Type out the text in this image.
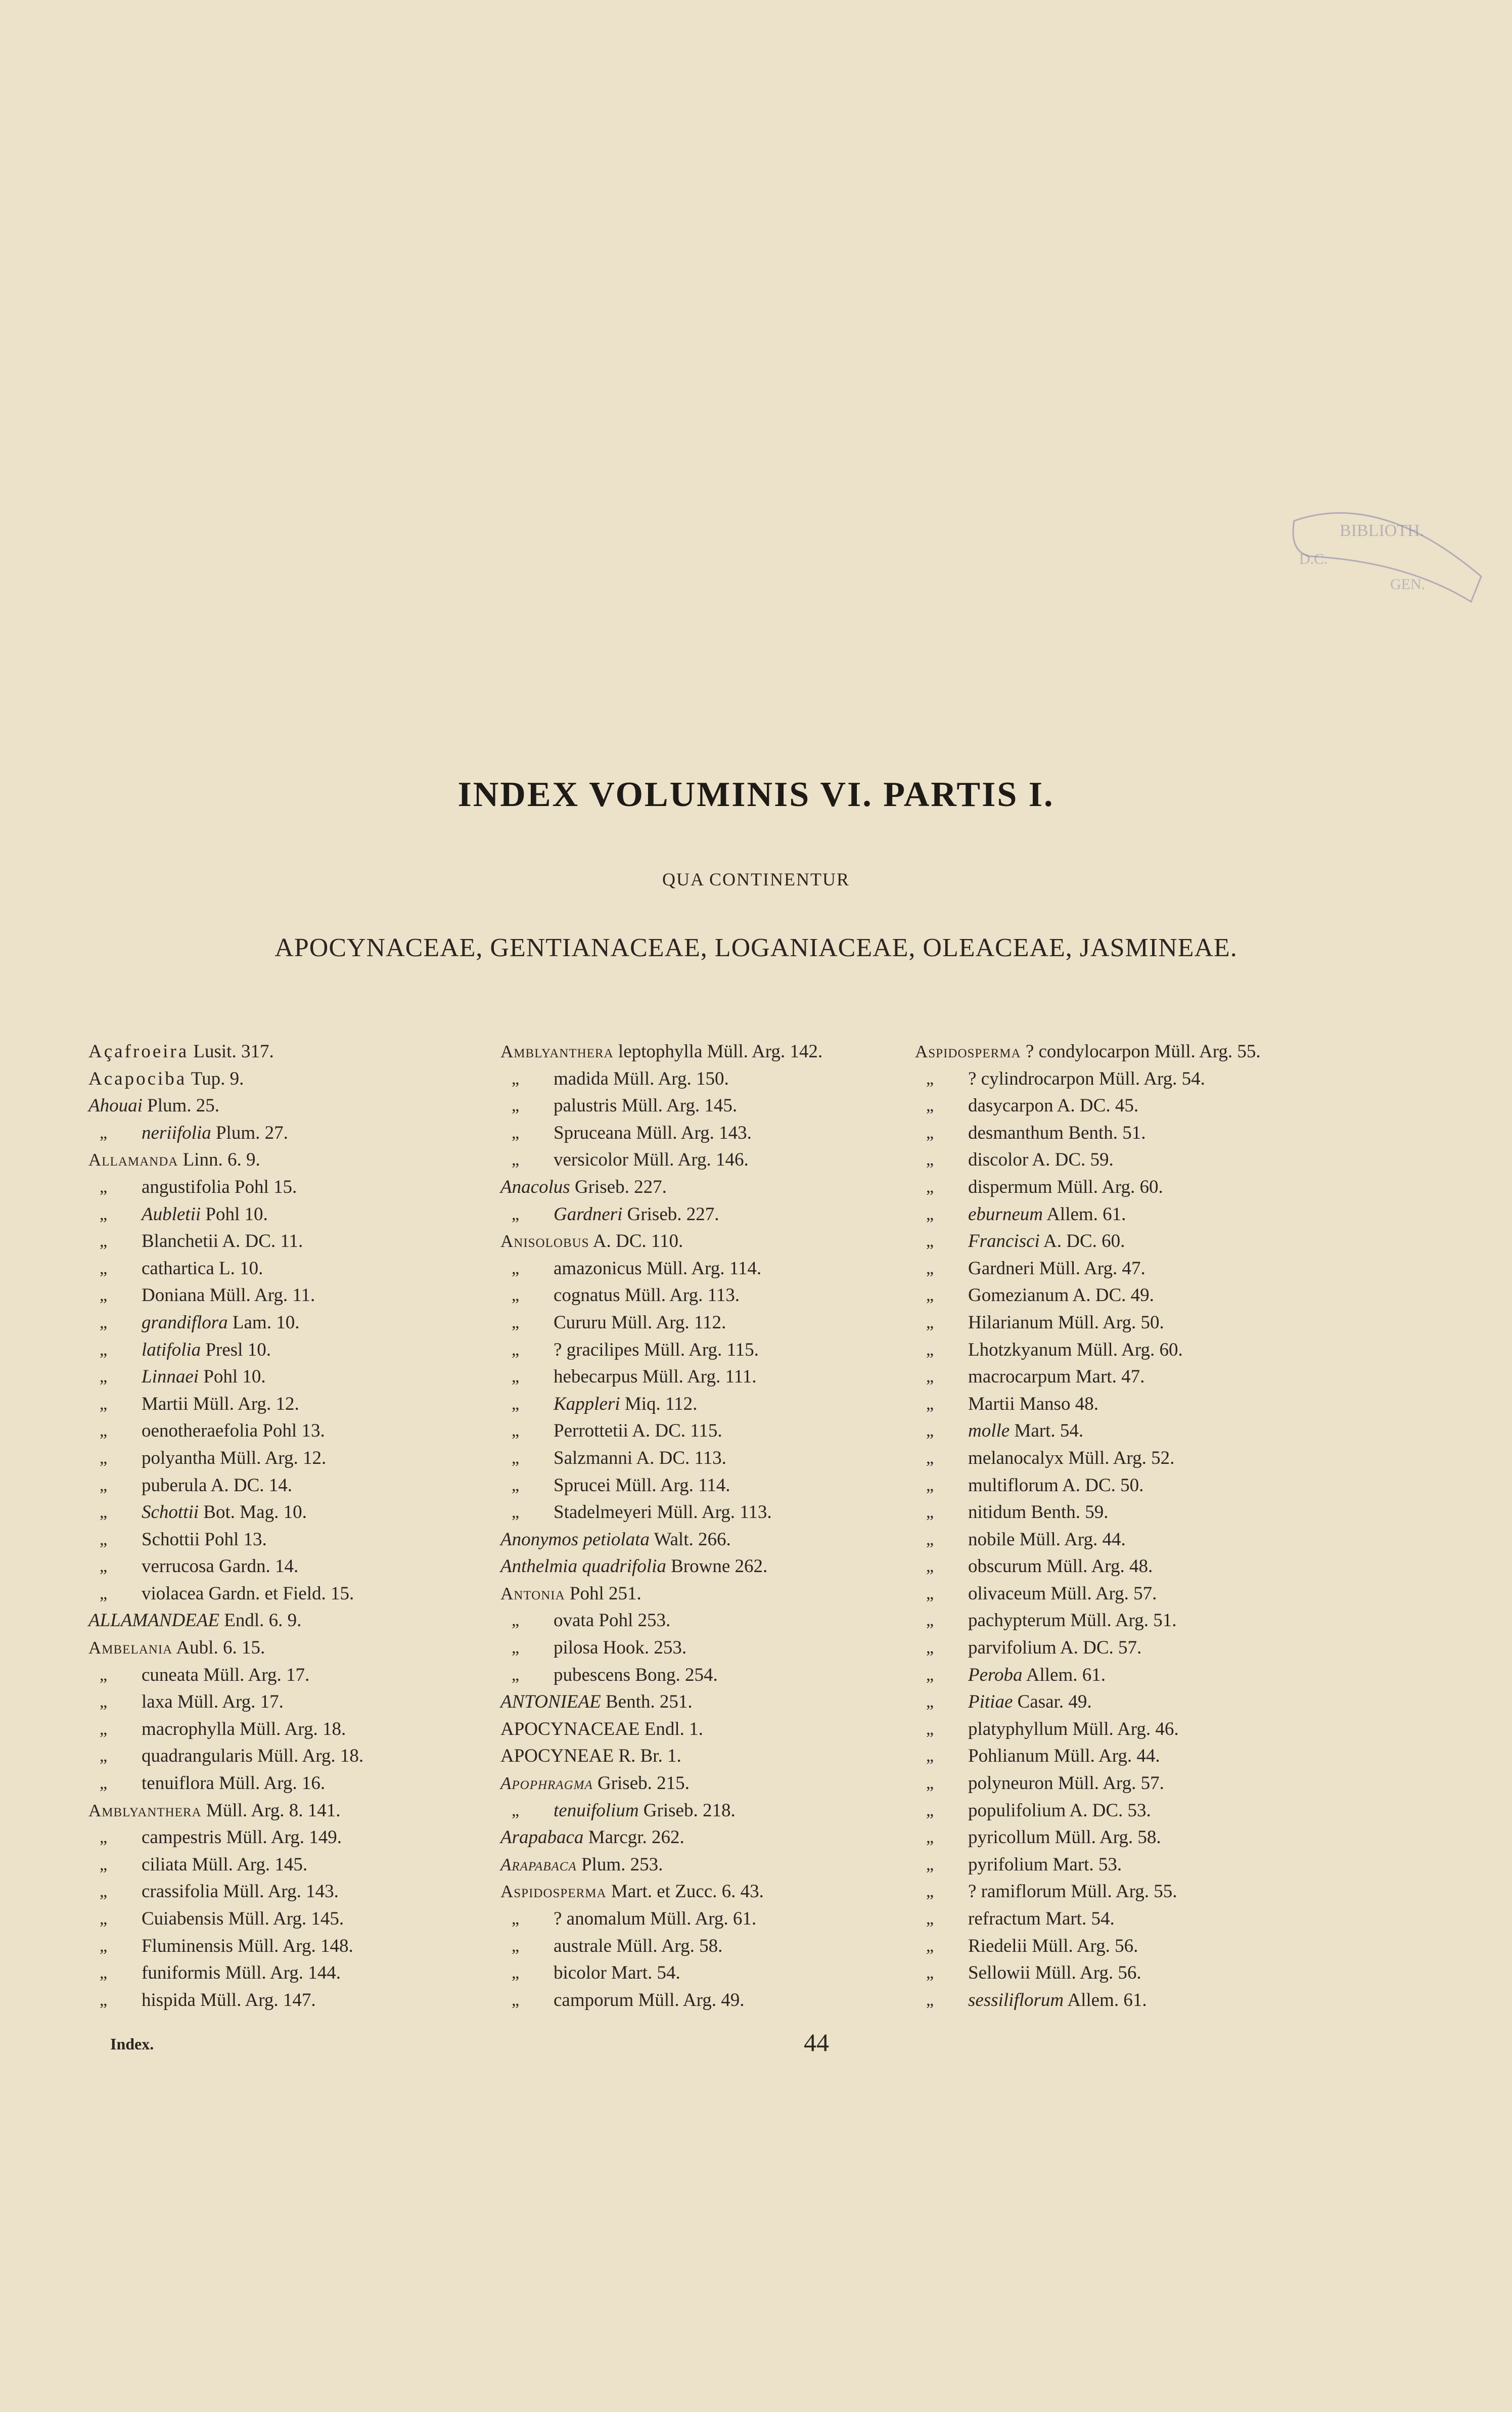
BIBLIOTH.
D.C.
GEN.
INDEX VOLUMINIS VI. PARTIS I.
QUA CONTINENTUR
APOCYNACEAE, GENTIANACEAE, LOGANIACEAE, OLEACEAE, JASMINEAE.
Açafroeira Lusit. 317.
Acapociba Tup. 9.
Ahouai Plum. 25.
„ neriifolia Plum. 27.
Allamanda Linn. 6. 9.
„ angustifolia Pohl 15.
„ Aubletii Pohl 10.
„ Blanchetii A. DC. 11.
„ cathartica L. 10.
„ Doniana Müll. Arg. 11.
„ grandiflora Lam. 10.
„ latifolia Presl 10.
„ Linnaei Pohl 10.
„ Martii Müll. Arg. 12.
„ oenotheraefolia Pohl 13.
„ polyantha Müll. Arg. 12.
„ puberula A. DC. 14.
„ Schottii Bot. Mag. 10.
„ Schottii Pohl 13.
„ verrucosa Gardn. 14.
„ violacea Gardn. et Field. 15.
ALLAMANDEAE Endl. 6. 9.
Ambelania Aubl. 6. 15.
„ cuneata Müll. Arg. 17.
„ laxa Müll. Arg. 17.
„ macrophylla Müll. Arg. 18.
„ quadrangularis Müll. Arg. 18.
„ tenuiflora Müll. Arg. 16.
Amblyanthera Müll. Arg. 8. 141.
„ campestris Müll. Arg. 149.
„ ciliata Müll. Arg. 145.
„ crassifolia Müll. Arg. 143.
„ Cuiabensis Müll. Arg. 145.
„ Fluminensis Müll. Arg. 148.
„ funiformis Müll. Arg. 144.
„ hispida Müll. Arg. 147.
Amblyanthera leptophylla Müll. Arg. 142.
„ madida Müll. Arg. 150.
„ palustris Müll. Arg. 145.
„ Spruceana Müll. Arg. 143.
„ versicolor Müll. Arg. 146.
Anacolus Griseb. 227.
„ Gardneri Griseb. 227.
Anisolobus A. DC. 110.
„ amazonicus Müll. Arg. 114.
„ cognatus Müll. Arg. 113.
„ Cururu Müll. Arg. 112.
„ ? gracilipes Müll. Arg. 115.
„ hebecarpus Müll. Arg. 111.
„ Kappleri Miq. 112.
„ Perrottetii A. DC. 115.
„ Salzmanni A. DC. 113.
„ Sprucei Müll. Arg. 114.
„ Stadelmeyeri Müll. Arg. 113.
Anonymos petiolata Walt. 266.
Anthelmia quadrifolia Browne 262.
Antonia Pohl 251.
„ ovata Pohl 253.
„ pilosa Hook. 253.
„ pubescens Bong. 254.
ANTONIEAE Benth. 251.
APOCYNACEAE Endl. 1.
APOCYNEAE R. Br. 1.
Apophragma Griseb. 215.
„ tenuifolium Griseb. 218.
Arapabaca Marcgr. 262.
Arapabaca Plum. 253.
Aspidosperma Mart. et Zucc. 6. 43.
„ ? anomalum Müll. Arg. 61.
„ australe Müll. Arg. 58.
„ bicolor Mart. 54.
„ camporum Müll. Arg. 49.
Aspidosperma ? condylocarpon Müll. Arg. 55.
„ ? cylindrocarpon Müll. Arg. 54.
„ dasycarpon A. DC. 45.
„ desmanthum Benth. 51.
„ discolor A. DC. 59.
„ dispermum Müll. Arg. 60.
„ eburneum Allem. 61.
„ Francisci A. DC. 60.
„ Gardneri Müll. Arg. 47.
„ Gomezianum A. DC. 49.
„ Hilarianum Müll. Arg. 50.
„ Lhotzkyanum Müll. Arg. 60.
„ macrocarpum Mart. 47.
„ Martii Manso 48.
„ molle Mart. 54.
„ melanocalyx Müll. Arg. 52.
„ multiflorum A. DC. 50.
„ nitidum Benth. 59.
„ nobile Müll. Arg. 44.
„ obscurum Müll. Arg. 48.
„ olivaceum Müll. Arg. 57.
„ pachypterum Müll. Arg. 51.
„ parvifolium A. DC. 57.
„ Peroba Allem. 61.
„ Pitiae Casar. 49.
„ platyphyllum Müll. Arg. 46.
„ Pohlianum Müll. Arg. 44.
„ polyneuron Müll. Arg. 57.
„ populifolium A. DC. 53.
„ pyricollum Müll. Arg. 58.
„ pyrifolium Mart. 53.
„ ? ramiflorum Müll. Arg. 55.
„ refractum Mart. 54.
„ Riedelii Müll. Arg. 56.
„ Sellowii Müll. Arg. 56.
„ sessiliflorum Allem. 61.
Index.	44
